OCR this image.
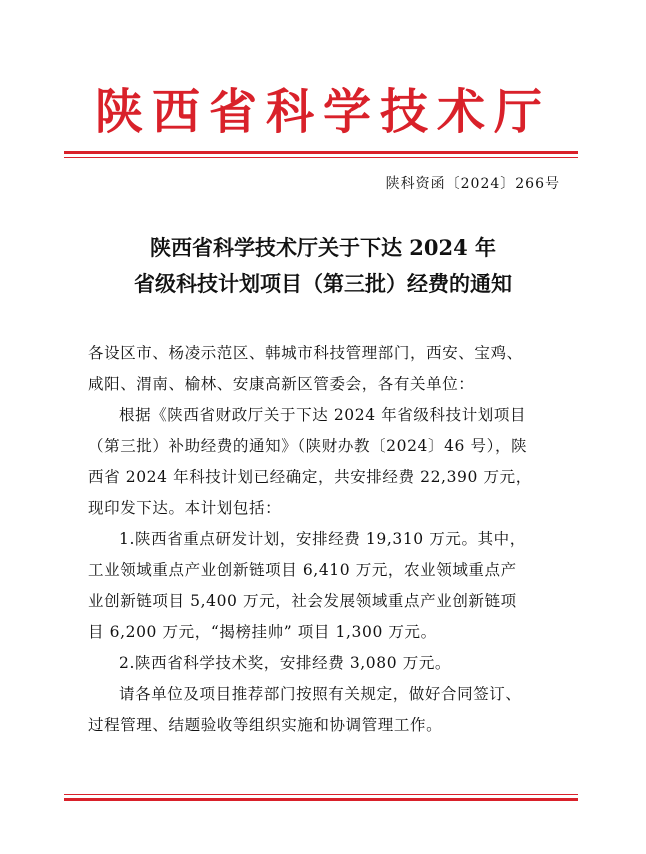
陕西省科学技术厅
陕科资函〔2024〕266号
陕西省科学技术厅关于下达 2024 年
省级科技计划项目（第三批）经费的通知
各设区市、杨凌示范区、韩城市科技管理部门，西安、宝鸡、
咸阳、渭南、榆林、安康高新区管委会，各有关单位：
根据《陕西省财政厅关于下达 2024 年省级科技计划项目
（第三批）补助经费的通知》（陕财办教〔2024〕46 号），陕
西省 2024 年科技计划已经确定，共安排经费 22,390 万元，
现印发下达。本计划包括：
1.陕西省重点研发计划，安排经费 19,310 万元。其中，
工业领域重点产业创新链项目 6,410 万元，农业领域重点产
业创新链项目 5,400 万元，社会发展领域重点产业创新链项
目 6,200 万元，“揭榜挂帅” 项目 1,300 万元。
2.陕西省科学技术奖，安排经费 3,080 万元。
请各单位及项目推荐部门按照有关规定，做好合同签订、
过程管理、结题验收等组织实施和协调管理工作。
